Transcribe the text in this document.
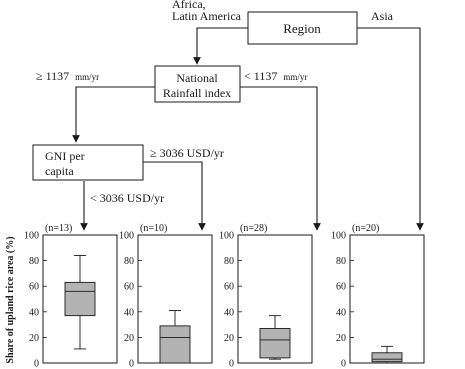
Region
National
Rainfall index
GNI per
capita
Africa,
Latin America	Asia
≥ 1137 mm/yr	< 1137 mm/yr
≥ 3036 USD/yr
< 3036 USD/yr
Share of upland rice area (%)
0
20
40
60
80
100
(n=13)
0
20
40
60
80
100
(n=10)
0
20
40
60
80
100
(n=28)
0
20
40
60
80
100
(n=20)
